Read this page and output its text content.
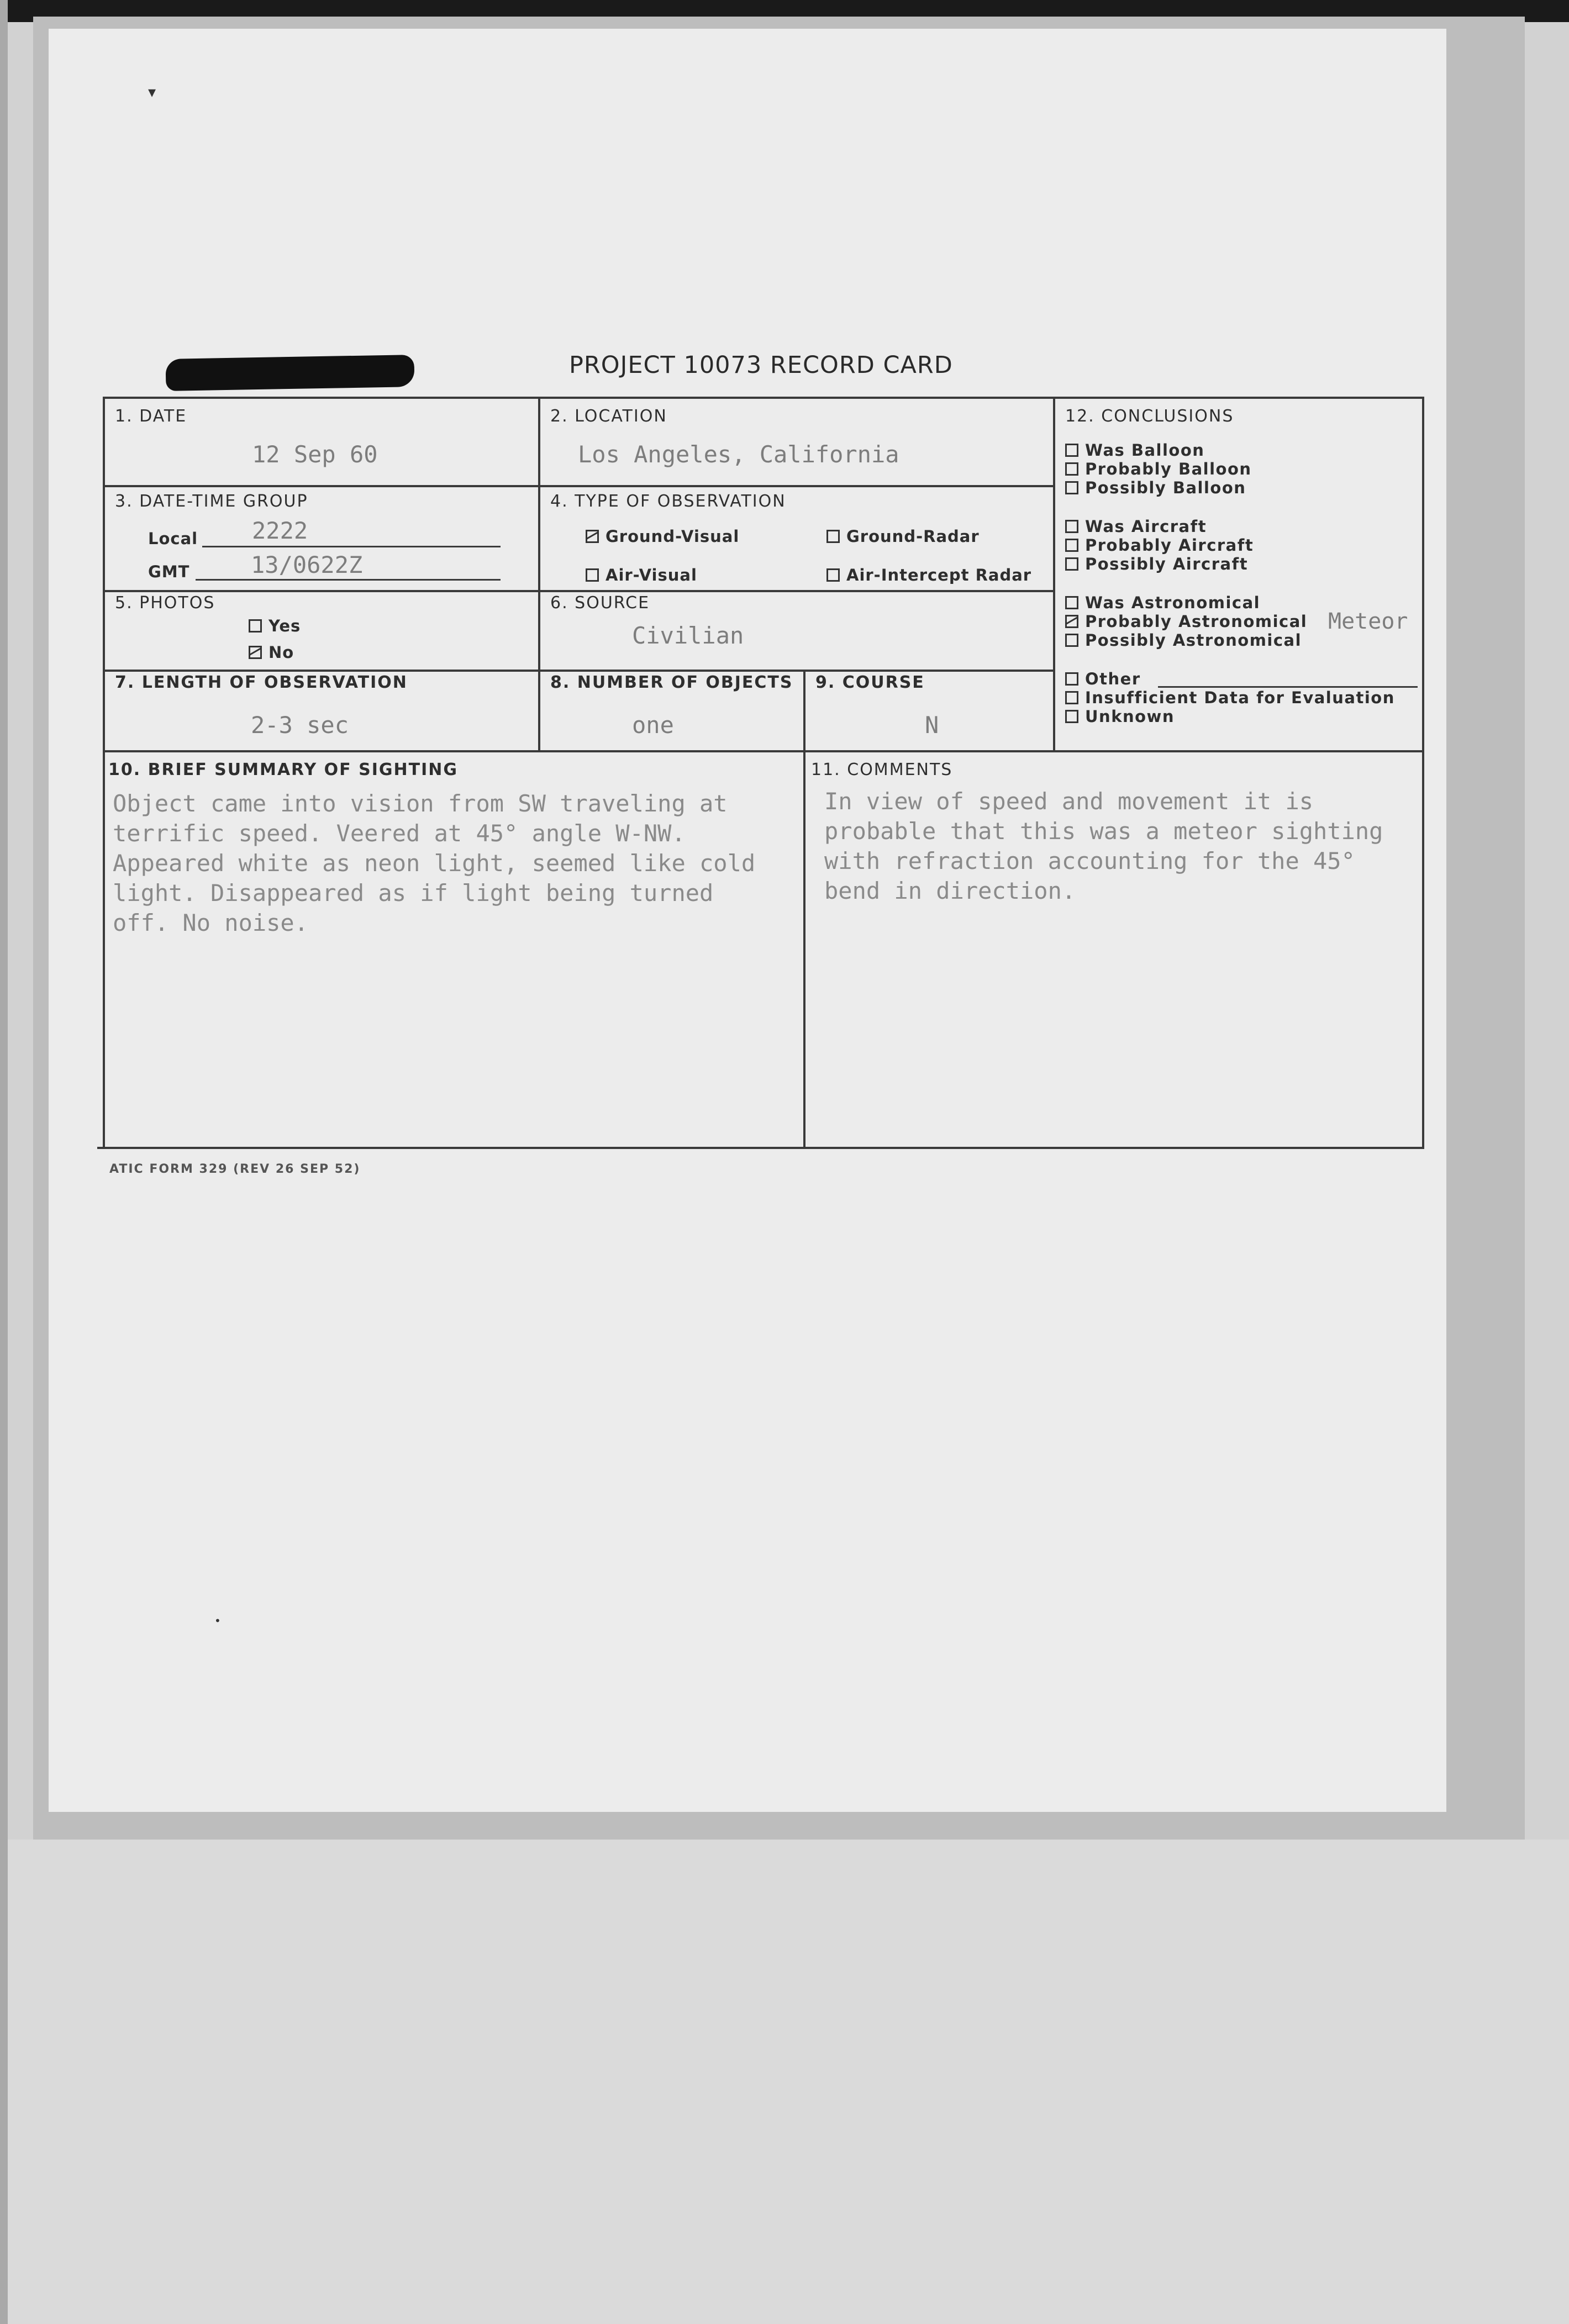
▾
•
PROJECT 10073 RECORD CARD
1. DATE
12 Sep 60
2. LOCATION
Los Angeles, California
3. DATE-TIME GROUP
Local 2222
GMT	13/0622Z
4. TYPE OF OBSERVATION
Ground-Visual	Ground-Radar
Air-Visual	Air-Intercept Radar
5. PHOTOS
Yes
No
6. SOURCE
Civilian
7. LENGTH OF OBSERVATION
2-3 sec
8. NUMBER OF OBJECTS
one
9. COURSE
N
12. CONCLUSIONS
Was Balloon
Probably Balloon
Possibly Balloon
Was Aircraft
Probably Aircraft
Possibly Aircraft
Was Astronomical
Probably Astronomical
Possibly Astronomical
Meteor
Other
Insufficient Data for Evaluation
Unknown
10. BRIEF SUMMARY OF SIGHTING
Object came into vision from SW traveling at
terrific speed. Veered at 45° angle W-NW.
Appeared white as neon light, seemed like cold
light. Disappeared as if light being turned
off. No noise.
11. COMMENTS
In view of speed and movement it is
probable that this was a meteor sighting
with refraction accounting for the 45°
bend in direction.
ATIC FORM 329 (REV 26 SEP 52)
